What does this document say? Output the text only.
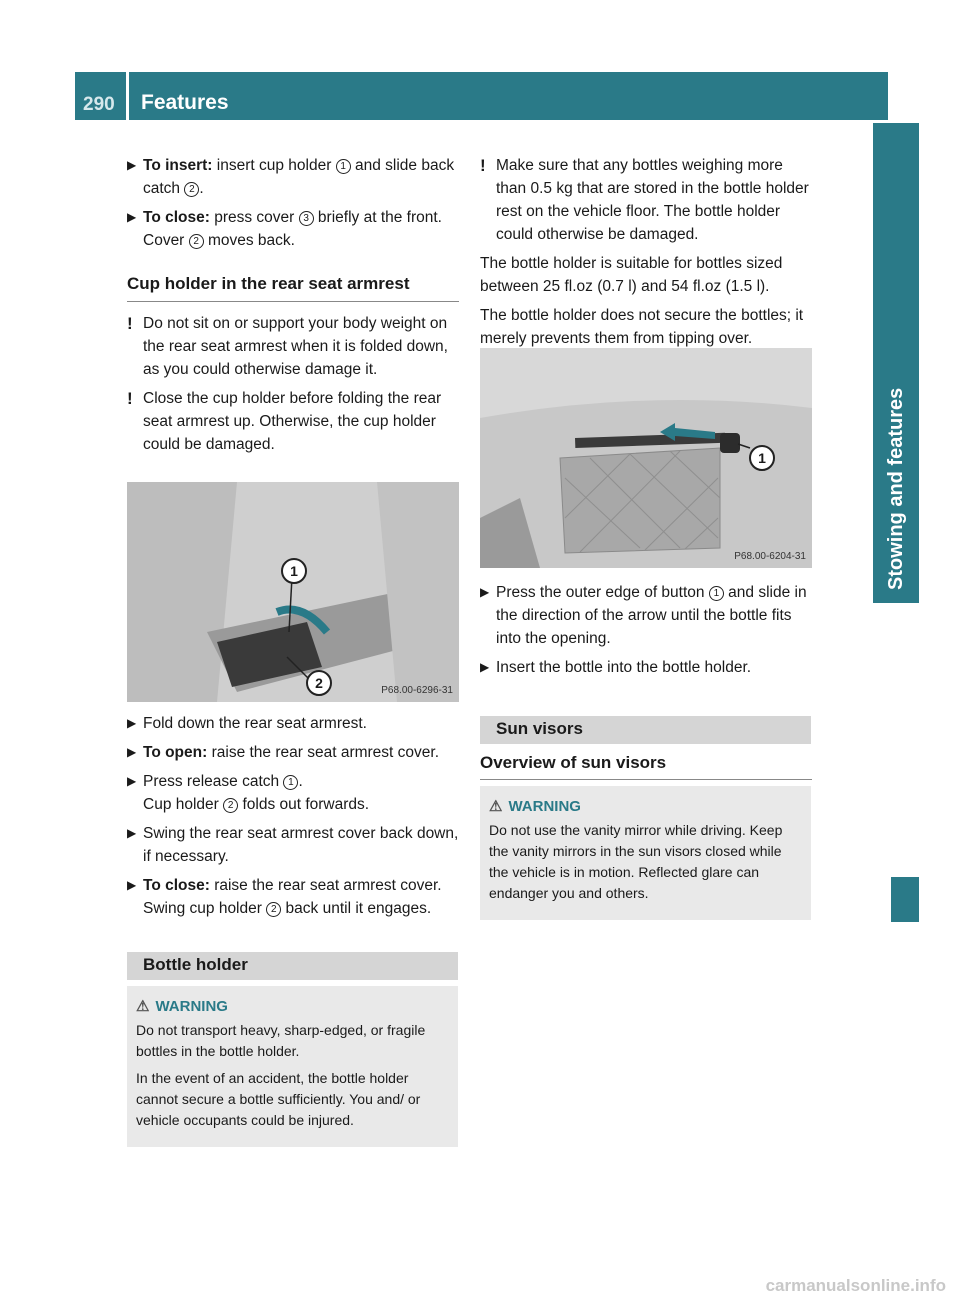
290 Features
Stowing and features
▶ To insert: insert cup holder 1 and slide back catch 2 .
▶ To close: press cover 3 briefly at the front.
Cover 2 moves back.

Cup holder in the rear seat armrest

! Do not sit on or support your body weight on the rear seat armrest when it is folded down, as you could otherwise damage it.
! Close the cup holder before folding the rear seat armrest up. Otherwise, the cup holder could be damaged.
1
2	P68.00-6296-31
▶ Fold down the rear seat armrest.
▶ To open: raise the rear seat armrest cover.
▶ Press release catch 1 .
Cup holder 2 folds out forwards.
▶ Swing the rear seat armrest cover back down, if necessary.
▶ To close: raise the rear seat armrest cover.
Swing cup holder 2 back until it engages.
Bottle holder
⚠ WARNING

Do not transport heavy, sharp-edged, or fragile bottles in the bottle holder.

In the event of an accident, the bottle holder cannot secure a bottle sufficiently. You and/ or vehicle occupants could be injured.

! Make sure that any bottles weighing more than 0.5 kg that are stored in the bottle holder rest on the vehicle floor. The bottle holder could otherwise be damaged.

The bottle holder is suitable for bottles sized between 25 fl.oz (0.7 l) and 54 fl.oz (1.5 l).

The bottle holder does not secure the bottles; it merely prevents them from tipping over.

1
P68.00-6204-31
▶ Press the outer edge of button 1 and slide in the direction of the arrow until the bottle fits into the opening.
▶ Insert the bottle into the bottle holder.
Sun visors

Overview of sun visors

⚠ WARNING

Do not use the vanity mirror while driving. Keep the vanity mirrors in the sun visors closed while the vehicle is in motion. Reflected glare can endanger you and others.

carmanualsonline.info
